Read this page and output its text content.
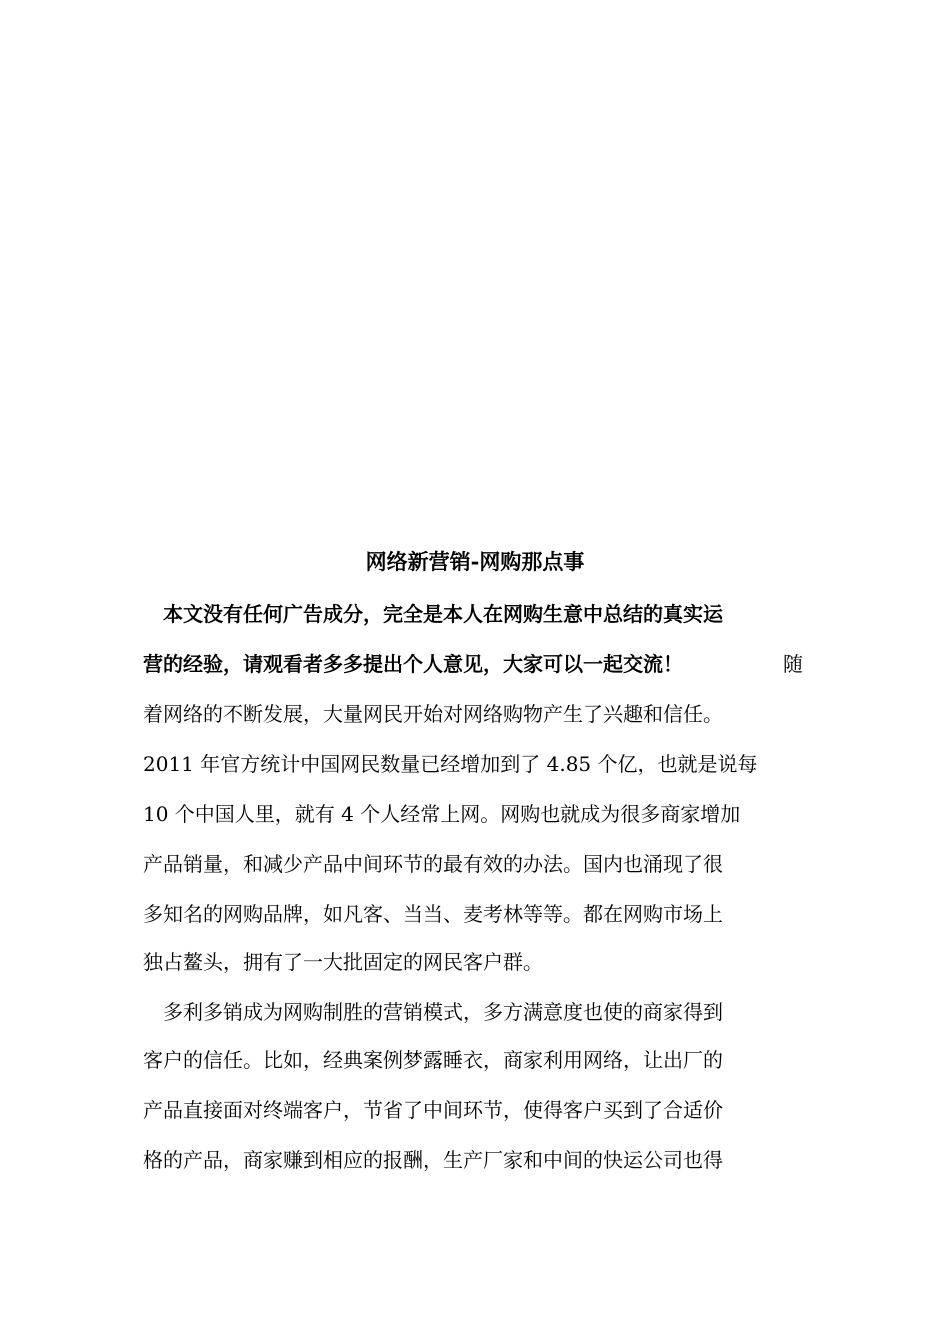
网络新营销-网购那点事
本文没有任何广告成分，完全是本人在网购生意中总结的真实运
营的经验，请观看者多多提出个人意见，大家可以一起交流！	随
着网络的不断发展，大量网民开始对网络购物产生了兴趣和信任。
2011 年官方统计中国网民数量已经增加到了 4.85 个亿，也就是说每
10 个中国人里，就有 4 个人经常上网。网购也就成为很多商家增加
产品销量，和减少产品中间环节的最有效的办法。国内也涌现了很
多知名的网购品牌，如凡客、当当、麦考林等等。都在网购市场上
独占鳌头，拥有了一大批固定的网民客户群。
多利多销成为网购制胜的营销模式，多方满意度也使的商家得到
客户的信任。比如，经典案例梦露睡衣，商家利用网络，让出厂的
产品直接面对终端客户，节省了中间环节，使得客户买到了合适价
格的产品，商家赚到相应的报酬，生产厂家和中间的快运公司也得
